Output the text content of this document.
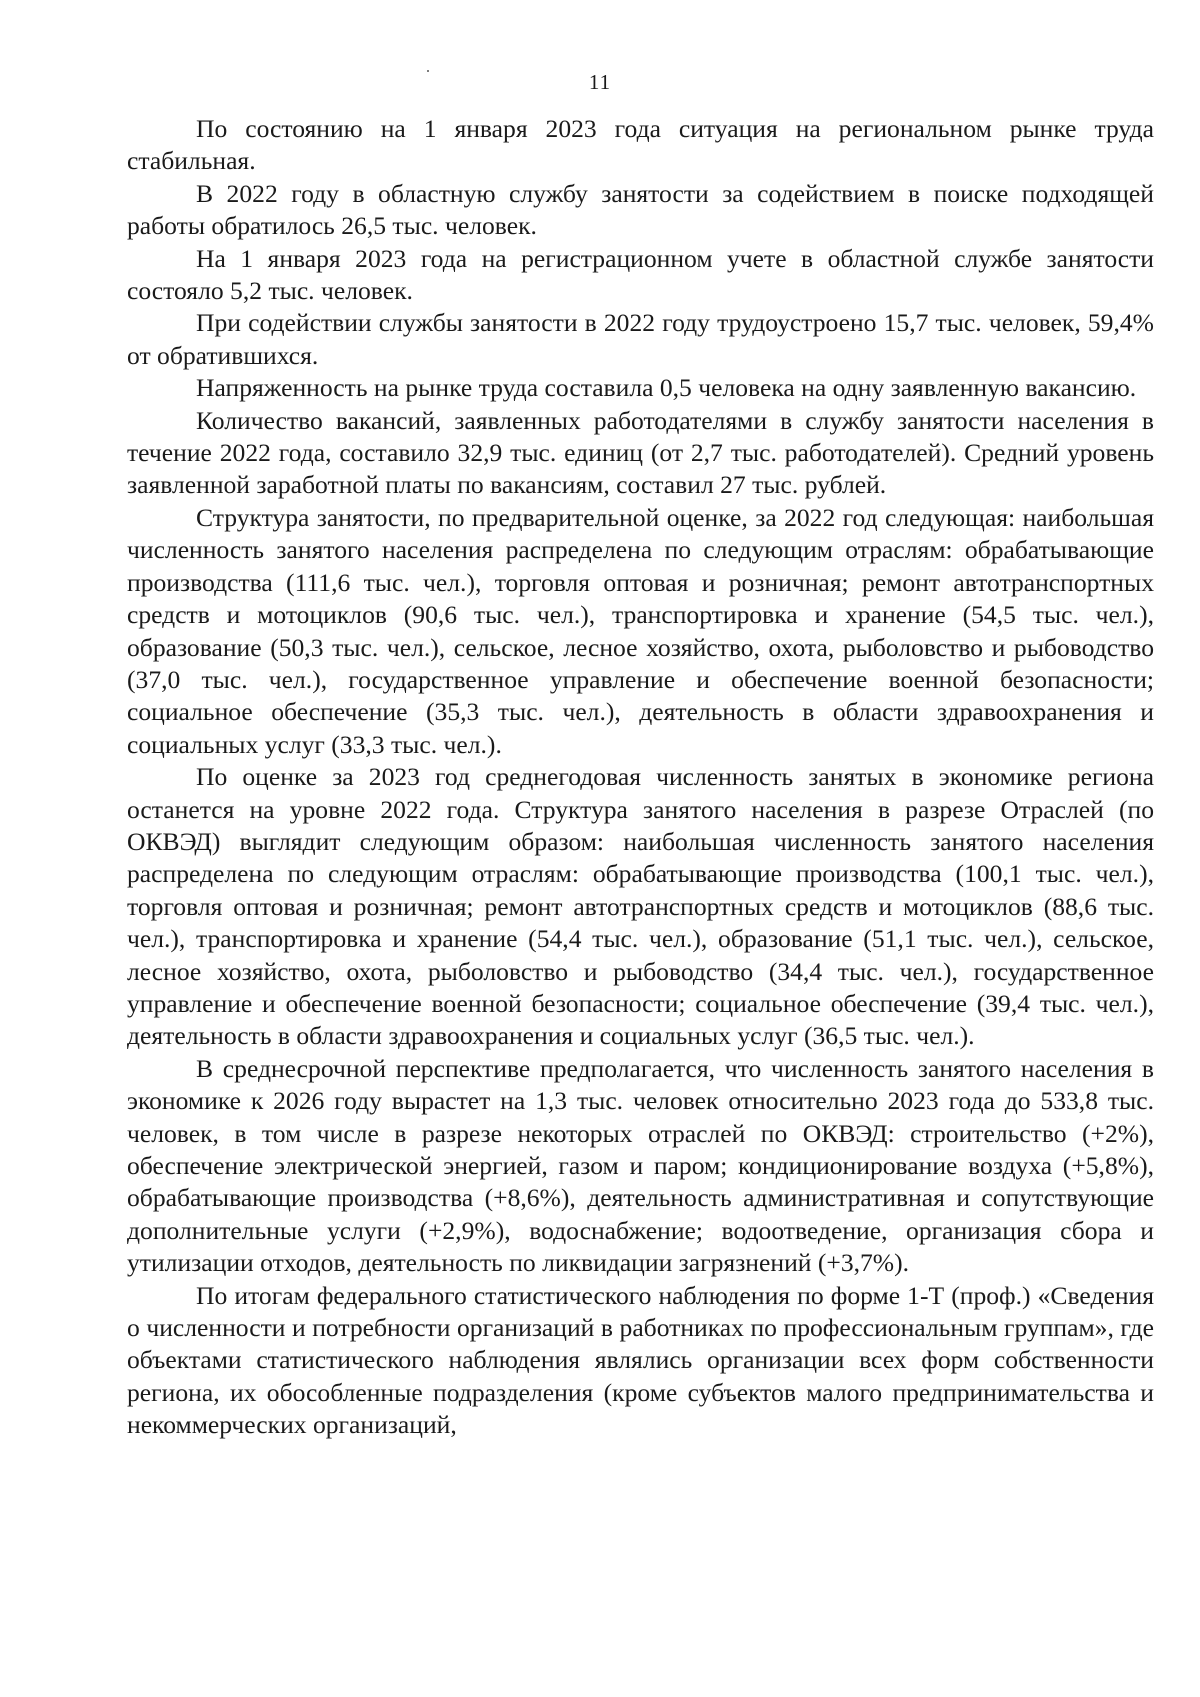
11

По состоянию на 1 января 2023 года ситуация на региональном рынке труда стабильная.

В 2022 году в областную службу занятости за содействием в поиске подходящей работы обратилось 26,5 тыс. человек.

На 1 января 2023 года на регистрационном учете в областной службе занятости состояло 5,2 тыс. человек.

При содействии службы занятости в 2022 году трудоустроено 15,7 тыс. человек, 59,4% от обратившихся.

Напряженность на рынке труда составила 0,5 человека на одну заявленную вакансию.

Количество вакансий, заявленных работодателями в службу занятости населения в течение 2022 года, составило 32,9 тыс. единиц (от 2,7 тыс. работодателей). Средний уровень заявленной заработной платы по вакансиям, составил 27 тыс. рублей.

Структура занятости, по предварительной оценке, за 2022 год следующая: наибольшая численность занятого населения распределена по следующим отраслям: обрабатывающие производства (111,6 тыс. чел.), торговля оптовая и розничная; ремонт автотранспортных средств и мотоциклов (90,6 тыс. чел.), транспортировка и хранение (54,5 тыс. чел.), образование (50,3 тыс. чел.), сельское, лесное хозяйство, охота, рыболовство и рыбоводство (37,0 тыс. чел.), государственное управление и обеспечение военной безопасности; социальное обеспечение (35,3 тыс. чел.), деятельность в области здравоохранения и социальных услуг (33,3 тыс. чел.).

По оценке за 2023 год среднегодовая численность занятых в экономике региона останется на уровне 2022 года. Структура занятого населения в разрезе Отраслей (по ОКВЭД) выглядит следующим образом: наибольшая численность занятого населения распределена по следующим отраслям: обрабатывающие производства (100,1 тыс. чел.), торговля оптовая и розничная; ремонт автотранспортных средств и мотоциклов (88,6 тыс. чел.), транспортировка и хранение (54,4 тыс. чел.), образование (51,1 тыс. чел.), сельское, лесное хозяйство, охота, рыболовство и рыбоводство (34,4 тыс. чел.), государственное управление и обеспечение военной безопасности; социальное обеспечение (39,4 тыс. чел.), деятельность в области здравоохранения и социальных услуг (36,5 тыс. чел.).

В среднесрочной перспективе предполагается, что численность занятого населения в экономике к 2026 году вырастет на 1,3 тыс. человек относительно 2023 года до 533,8 тыс. человек, в том числе в разрезе некоторых отраслей по ОКВЭД: строительство (+2%), обеспечение электрической энергией, газом и паром; кондиционирование воздуха (+5,8%), обрабатывающие производства (+8,6%), деятельность административная и сопутствующие дополнительные услуги (+2,9%), водоснабжение; водоотведение, организация сбора и утилизации отходов, деятельность по ликвидации загрязнений (+3,7%).

По итогам федерального статистического наблюдения по форме 1-Т (проф.) «Сведения о численности и потребности организаций в работниках по профессиональным группам», где объектами статистического наблюдения являлись организации всех форм собственности региона, их обособленные подразделения (кроме субъектов малого предпринимательства и некоммерческих организаций,
